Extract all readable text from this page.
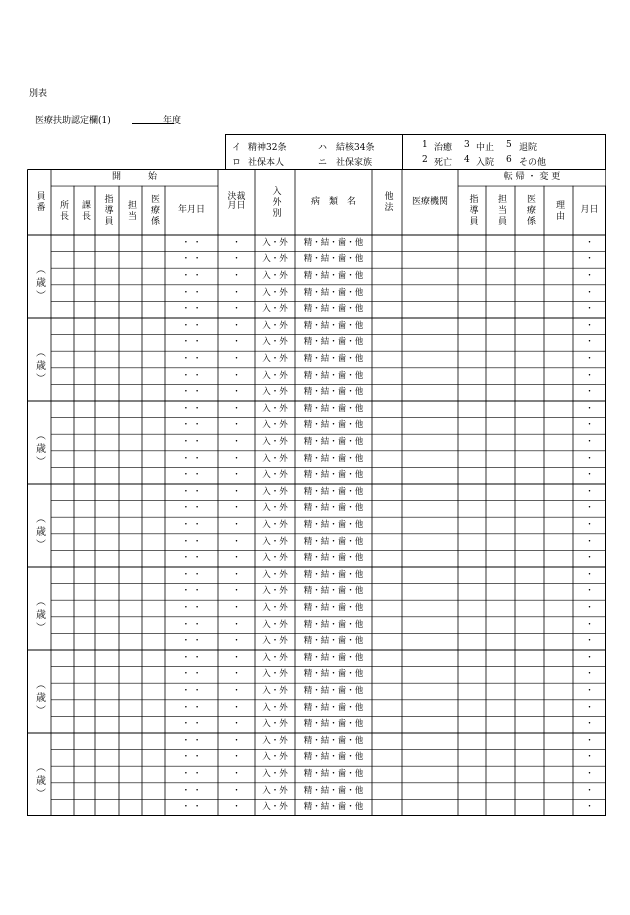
別表
医療扶助認定欄(1)	年度
イ 精神32条	ハ 結核34条
ロ 社保本人	ニ 社保家族
1 治癒 3 中止 5 退院
2 死亡 4 入院 6 その他
員番
開　　　始
所長	課長	指導員	担当	医療係	年月日
決裁月日	入外別	病　類　名	他法	医療機関
転 帰 ・ 変 更
指導員	担当員	医療係	理由	月日
・ ・	・	入・外	精・結・歯・他	・
・ ・	・	入・外	精・結・歯・他	・
・ ・	・	入・外	精・結・歯・他	・
・ ・	・	入・外	精・結・歯・他	・
・ ・	・	入・外	精・結・歯・他	・
︵歳︶
・ ・	・	入・外	精・結・歯・他	・
・ ・	・	入・外	精・結・歯・他	・
・ ・	・	入・外	精・結・歯・他	・
・ ・	・	入・外	精・結・歯・他	・
・ ・	・	入・外	精・結・歯・他	・
︵歳︶
・ ・	・	入・外	精・結・歯・他	・
・ ・	・	入・外	精・結・歯・他	・
・ ・	・	入・外	精・結・歯・他	・
・ ・	・	入・外	精・結・歯・他	・
・ ・	・	入・外	精・結・歯・他	・
︵歳︶
・ ・	・	入・外	精・結・歯・他	・
・ ・	・	入・外	精・結・歯・他	・
・ ・	・	入・外	精・結・歯・他	・
・ ・	・	入・外	精・結・歯・他	・
・ ・	・	入・外	精・結・歯・他	・
︵歳︶
・ ・	・	入・外	精・結・歯・他	・
・ ・	・	入・外	精・結・歯・他	・
・ ・	・	入・外	精・結・歯・他	・
・ ・	・	入・外	精・結・歯・他	・
・ ・	・	入・外	精・結・歯・他	・
︵歳︶
・ ・	・	入・外	精・結・歯・他	・
・ ・	・	入・外	精・結・歯・他	・
・ ・	・	入・外	精・結・歯・他	・
・ ・	・	入・外	精・結・歯・他	・
・ ・	・	入・外	精・結・歯・他	・
︵歳︶
・ ・	・	入・外	精・結・歯・他	・
・ ・	・	入・外	精・結・歯・他	・
・ ・	・	入・外	精・結・歯・他	・
・ ・	・	入・外	精・結・歯・他	・
・ ・	・	入・外	精・結・歯・他	・
︵歳︶
